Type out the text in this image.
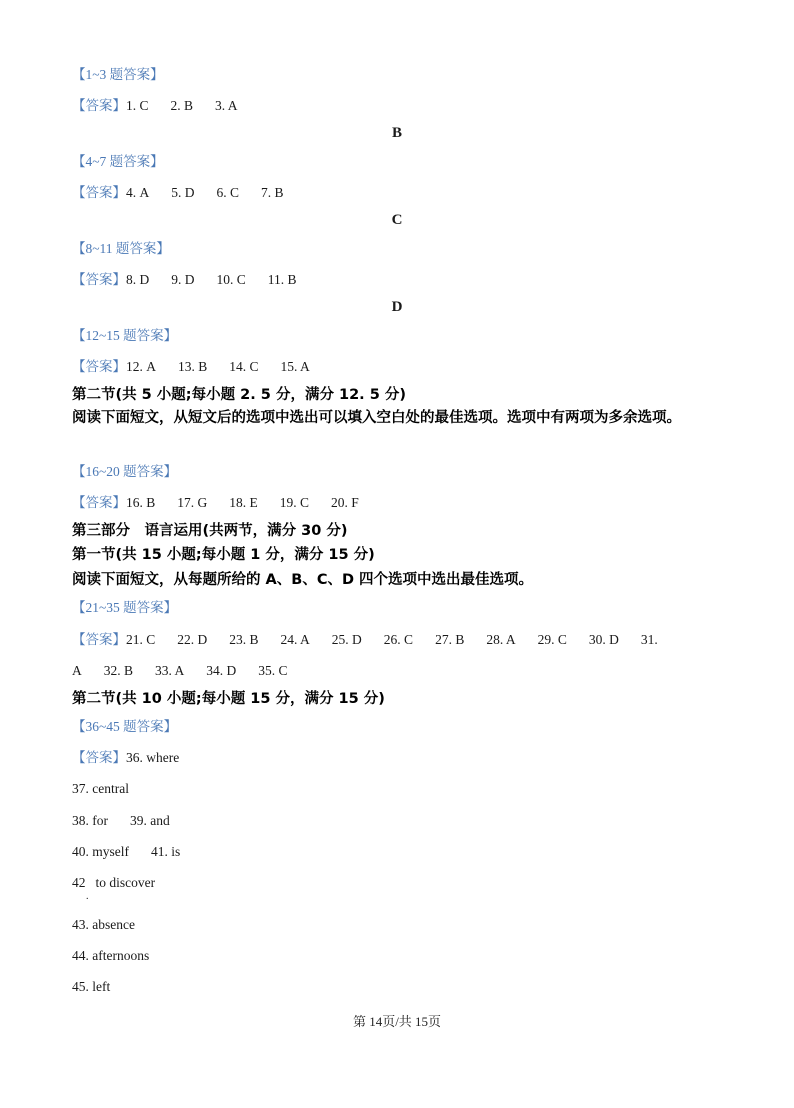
【1~3 题答案】
【答案】1. C 2. B 3. A
B
【4~7 题答案】
【答案】4. A 5. D 6. C 7. B
C
【8~11 题答案】
【答案】8. D 9. D 10. C 11. B
D
【12~15 题答案】
【答案】12. A 13. B 14. C 15. A
第二节(共 5 小题;每小题 2. 5 分，满分 12. 5 分)
阅读下面短文，从短文后的选项中选出可以填入空白处的最佳选项。选项中有两项为多余选项。
【16~20 题答案】
【答案】16. B 17. G 18. E 19. C 20. F
第三部分　语言运用(共两节，满分 30 分)
第一节(共 15 小题;每小题 1 分，满分 15 分)
阅读下面短文，从每题所给的 A、B、C、D 四个选项中选出最佳选项。
【21~35 题答案】
【答案】21. C 22. D 23. B 24. A 25. D 26. C 27. B 28. A 29. C 30. D 31.
A 32. B 33. A 34. D 35. C
第二节(共 10 小题;每小题 15 分，满分 15 分)
【36~45 题答案】
【答案】36. where
37. central
38. for 39. and
40. myself 41. is
42 to discover
.
43. absence
44. afternoons
45. left
第 14页/共 15页
